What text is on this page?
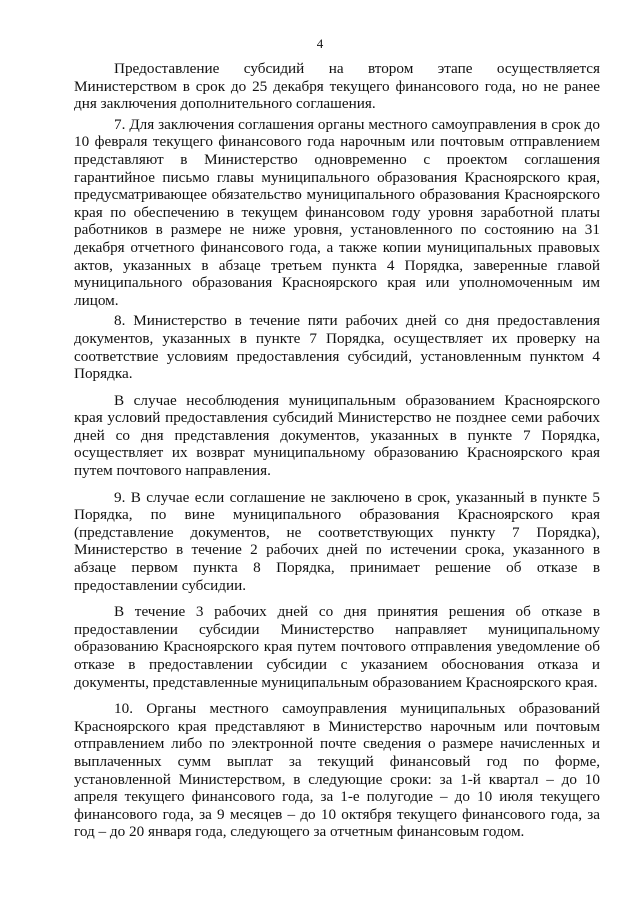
4

Предоставление субсидий на втором этапе осуществляется Министерством в срок до 25 декабря текущего финансового года, но не ранее дня заключения дополнительного соглашения.

7. Для заключения соглашения органы местного самоуправления в срок до 10 февраля текущего финансового года нарочным или почтовым отправлением представляют в Министерство одновременно с проектом соглашения гарантийное письмо главы муниципального образования Красноярского края, предусматривающее обязательство муниципального образования Красноярского края по обеспечению в текущем финансовом году уровня заработной платы работников в размере не ниже уровня, установленного по состоянию на 31 декабря отчетного финансового года, а также копии муниципальных правовых актов, указанных в абзаце третьем пункта 4 Порядка, заверенные главой муниципального образования Красноярского края или уполномоченным им лицом.

8. Министерство в течение пяти рабочих дней со дня предоставления документов, указанных в пункте 7 Порядка, осуществляет их проверку на соответствие условиям предоставления субсидий, установленным пунктом 4 Порядка.

В случае несоблюдения муниципальным образованием Красноярского края условий предоставления субсидий Министерство не позднее семи рабочих дней со дня представления документов, указанных в пункте 7 Порядка, осуществляет их возврат муниципальному образованию Красноярского края путем почтового направления.

9. В случае если соглашение не заключено в срок, указанный в пункте 5 Порядка, по вине муниципального образования Красноярского края (представление документов, не соответствующих пункту 7 Порядка), Министерство в течение 2 рабочих дней по истечении срока, указанного в абзаце первом пункта 8 Порядка, принимает решение об отказе в предоставлении субсидии.

В течение 3 рабочих дней со дня принятия решения об отказе в предоставлении субсидии Министерство направляет муниципальному образованию Красноярского края путем почтового отправления уведомление об отказе в предоставлении субсидии с указанием обоснования отказа и документы, представленные муниципальным образованием Красноярского края.

10. Органы местного самоуправления муниципальных образований Красноярского края представляют в Министерство нарочным или почтовым отправлением либо по электронной почте сведения о размере начисленных и выплаченных сумм выплат за текущий финансовый год по форме, установленной Министерством, в следующие сроки: за 1-й квартал – до 10 апреля текущего финансового года, за 1-е полугодие – до 10 июля текущего финансового года, за 9 месяцев – до 10 октября текущего финансового года, за год – до 20 января года, следующего за отчетным финансовым годом.
